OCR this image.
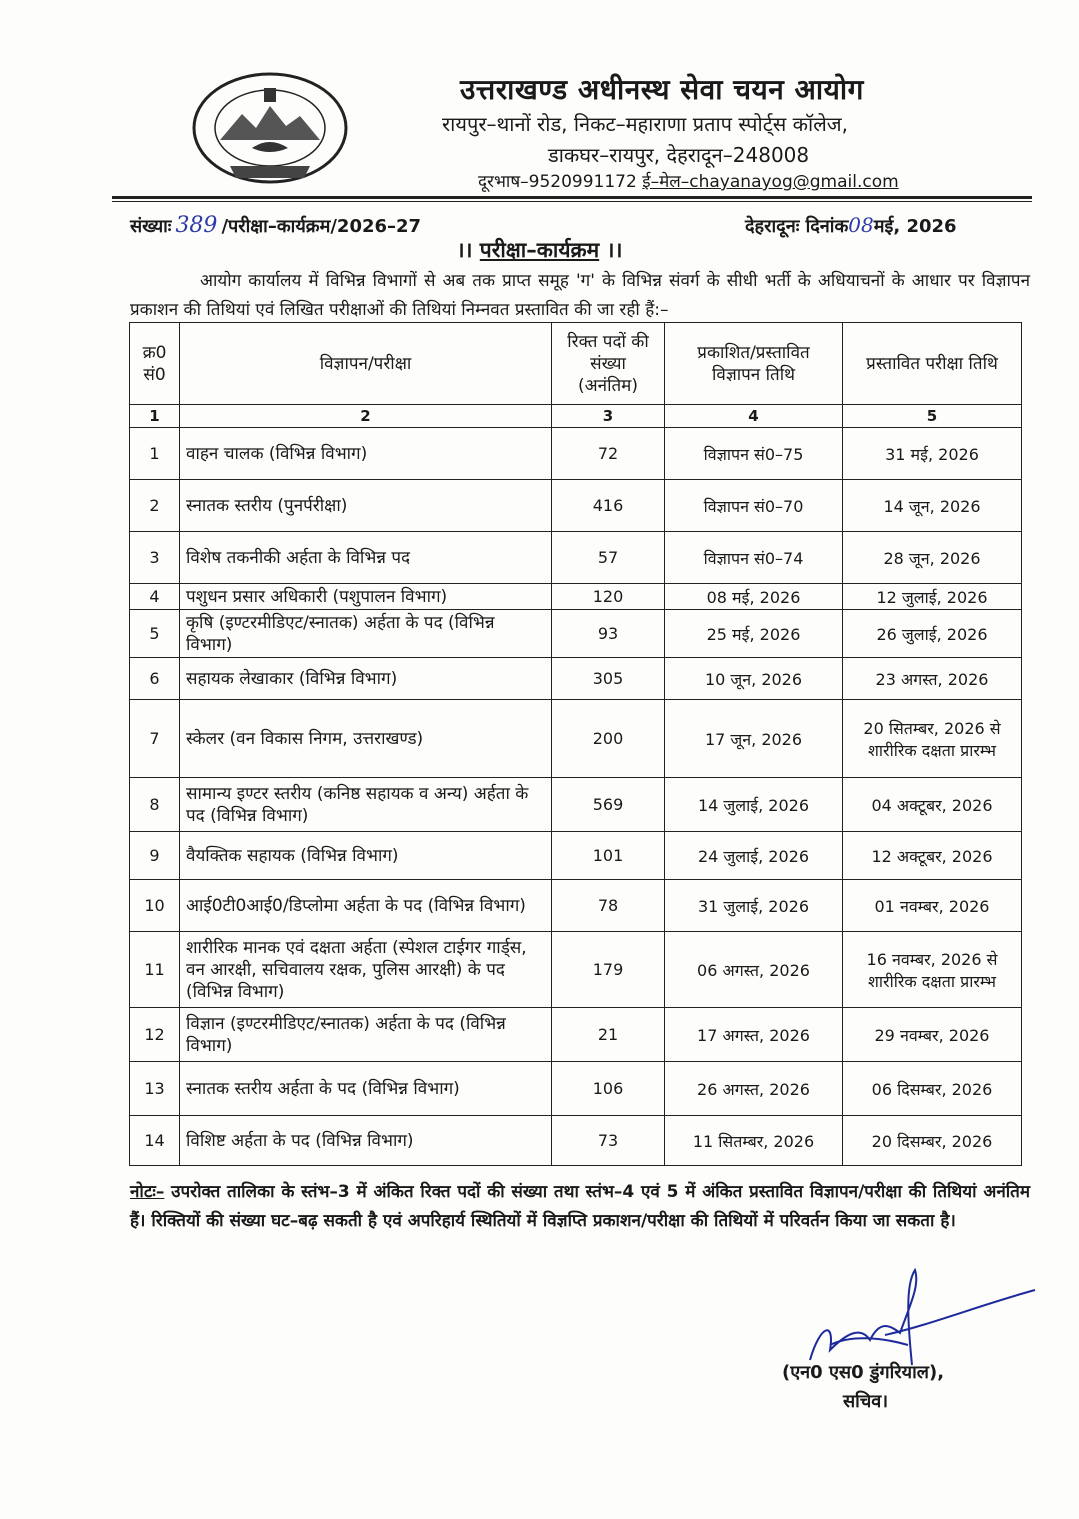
उत्तराखण्ड अधीनस्थ सेवा चयन आयोग
रायपुर–थानों रोड, निकट–महाराणा प्रताप स्पोर्ट्स कॉलेज,
डाकघर–रायपुर, देहरादून–248008
दूरभाष–9520991172 ई–मेल–chayanayog@gmail.com
संख्याः 389 /परीक्षा–कार्यक्रम/2026–27	देहरादूनः दिनांक08मई, 2026
।। परीक्षा–कार्यक्रम ।।
आयोग कार्यालय में विभिन्न विभागों से अब तक प्राप्त समूह 'ग' के विभिन्न संवर्ग के सीधी भर्ती के अधियाचनों के आधार पर विज्ञापन प्रकाशन की तिथियां एवं लिखित परीक्षाओं की तिथियां निम्नवत प्रस्तावित की जा रही हैं:–
क्र0 सं0	विज्ञापन/परीक्षा	रिक्त पदों की संख्या (अनंतिम)	प्रकाशित/प्रस्तावित विज्ञापन तिथि	प्रस्तावित परीक्षा तिथि
1	2	3	4	5
1	वाहन चालक (विभिन्न विभाग)	72	विज्ञापन सं0–75	31 मई, 2026
2	स्नातक स्तरीय (पुनर्परीक्षा)	416	विज्ञापन सं0–70	14 जून, 2026
3	विशेष तकनीकी अर्हता के विभिन्न पद	57	विज्ञापन सं0–74	28 जून, 2026
4	पशुधन प्रसार अधिकारी (पशुपालन विभाग)	120	08 मई, 2026	12 जुलाई, 2026
5	कृषि (इण्टरमीडिएट/स्नातक) अर्हता के पद (विभिन्न विभाग)	93	25 मई, 2026	26 जुलाई, 2026
6	सहायक लेखाकार (विभिन्न विभाग)	305	10 जून, 2026	23 अगस्त, 2026
7	स्केलर (वन विकास निगम, उत्तराखण्ड)	200	17 जून, 2026	20 सितम्बर, 2026 से शारीरिक दक्षता प्रारम्भ
8	सामान्य इण्टर स्तरीय (कनिष्ठ सहायक व अन्य) अर्हता के पद (विभिन्न विभाग)	569	14 जुलाई, 2026	04 अक्टूबर, 2026
9	वैयक्तिक सहायक (विभिन्न विभाग)	101	24 जुलाई, 2026	12 अक्टूबर, 2026
10	आई0टी0आई0/डिप्लोमा अर्हता के पद (विभिन्न विभाग)	78	31 जुलाई, 2026	01 नवम्बर, 2026
11	शारीरिक मानक एवं दक्षता अर्हता (स्पेशल टाईगर गार्ड्स, वन आरक्षी, सचिवालय रक्षक, पुलिस आरक्षी) के पद (विभिन्न विभाग)	179	06 अगस्त, 2026	16 नवम्बर, 2026 से शारीरिक दक्षता प्रारम्भ
12	विज्ञान (इण्टरमीडिएट/स्नातक) अर्हता के पद (विभिन्न विभाग)	21	17 अगस्त, 2026	29 नवम्बर, 2026
13	स्नातक स्तरीय अर्हता के पद (विभिन्न विभाग)	106	26 अगस्त, 2026	06 दिसम्बर, 2026
14	विशिष्ट अर्हता के पद (विभिन्न विभाग)	73	11 सितम्बर, 2026	20 दिसम्बर, 2026
नोटः– उपरोक्त तालिका के स्तंभ–3 में अंकित रिक्त पदों की संख्या तथा स्तंभ–4 एवं 5 में अंकित प्रस्तावित विज्ञापन/परीक्षा की तिथियां अनंतिम हैं। रिक्तियों की संख्या घट–बढ़ सकती है एवं अपरिहार्य स्थितियों में विज्ञप्ति प्रकाशन/परीक्षा की तिथियों में परिवर्तन किया जा सकता है।
(एन0 एस0 डुंगरियाल),
सचिव।
